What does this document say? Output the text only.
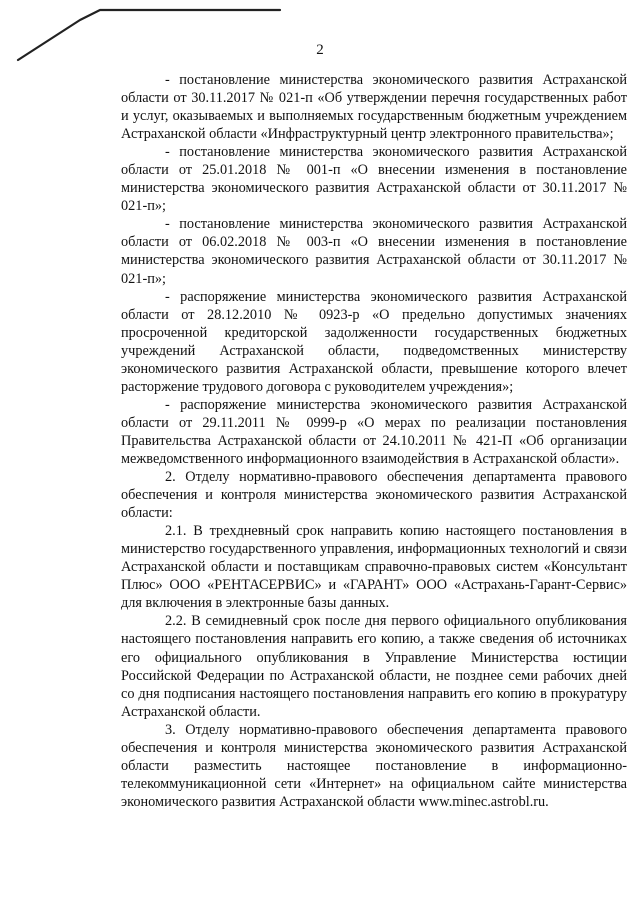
2

- постановление министерства экономического развития Астраханской области от 30.11.2017 № 021-п «Об утверждении перечня государственных работ и услуг, оказываемых и выполняемых государственным бюджетным учреждением Астраханской области «Инфраструктурный центр электронного правительства»;

- постановление министерства экономического развития Астраханской области от 25.01.2018 № 001-п «О внесении изменения в постановление министерства экономического развития Астраханской области от 30.11.2017 № 021-п»;

- постановление министерства экономического развития Астраханской области от 06.02.2018 № 003-п «О внесении изменения в постановление министерства экономического развития Астраханской области от 30.11.2017 № 021-п»;

- распоряжение министерства экономического развития Астраханской области от 28.12.2010 № 0923-р «О предельно допустимых значениях просроченной кредиторской задолженности государственных бюджетных учреждений Астраханской области, подведомственных министерству экономического развития Астраханской области, превышение которого влечет расторжение трудового договора с руководителем учреждения»;

- распоряжение министерства экономического развития Астраханской области от 29.11.2011 № 0999-р «О мерах по реализации постановления Правительства Астраханской области от 24.10.2011 № 421-П «Об организации межведомственного информационного взаимодействия в Астраханской области».

2. Отделу нормативно-правового обеспечения департамента правового обеспечения и контроля министерства экономического развития Астраханской области:

2.1. В трехдневный срок направить копию настоящего постановления в министерство государственного управления, информационных технологий и связи Астраханской области и поставщикам справочно-правовых систем «Консультант Плюс» ООО «РЕНТАСЕРВИС» и «ГАРАНТ» ООО «Астрахань-Гарант-Сервис» для включения в электронные базы данных.

2.2. В семидневный срок после дня первого официального опубликования настоящего постановления направить его копию, а также сведения об источниках его официального опубликования в Управление Министерства юстиции Российской Федерации по Астраханской области, не позднее семи рабочих дней со дня подписания настоящего постановления направить его копию в прокуратуру Астраханской области.

3. Отделу нормативно-правового обеспечения департамента правового обеспечения и контроля министерства экономического развития Астраханской области разместить настоящее постановление в информационно-телекоммуникационной сети «Интернет» на официальном сайте министерства экономического развития Астраханской области www.minec.astrobl.ru.
